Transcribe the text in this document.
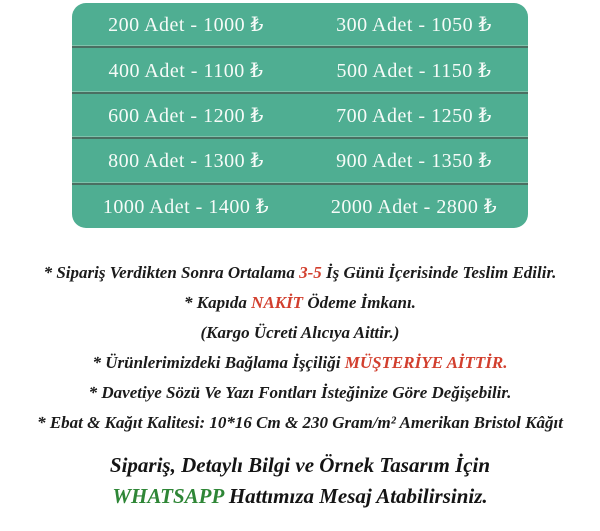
200 Adet - 1000 ₺	300 Adet - 1050 ₺
400 Adet - 1100 ₺	500 Adet - 1150 ₺
600 Adet - 1200 ₺	700 Adet - 1250 ₺
800 Adet - 1300 ₺	900 Adet - 1350 ₺
1000 Adet - 1400 ₺	2000 Adet - 2800 ₺

* Sipariş Verdikten Sonra Ortalama 3-5 İş Günü İçerisinde Teslim Edilir.

* Kapıda NAKİT Ödeme İmkanı.

(Kargo Ücreti Alıcıya Aittir.)

* Ürünlerimizdeki Bağlama İşçiliği MÜŞTERİYE AİTTİR.

* Davetiye Sözü Ve Yazı Fontları İsteğinize Göre Değişebilir.

* Ebat & Kağıt Kalitesi: 10*16 Cm & 230 Gram/m² Amerikan Bristol Kâğıt

Sipariş, Detaylı Bilgi ve Örnek Tasarım İçin

WHATSAPP Hattımıza Mesaj Atabilirsiniz.
